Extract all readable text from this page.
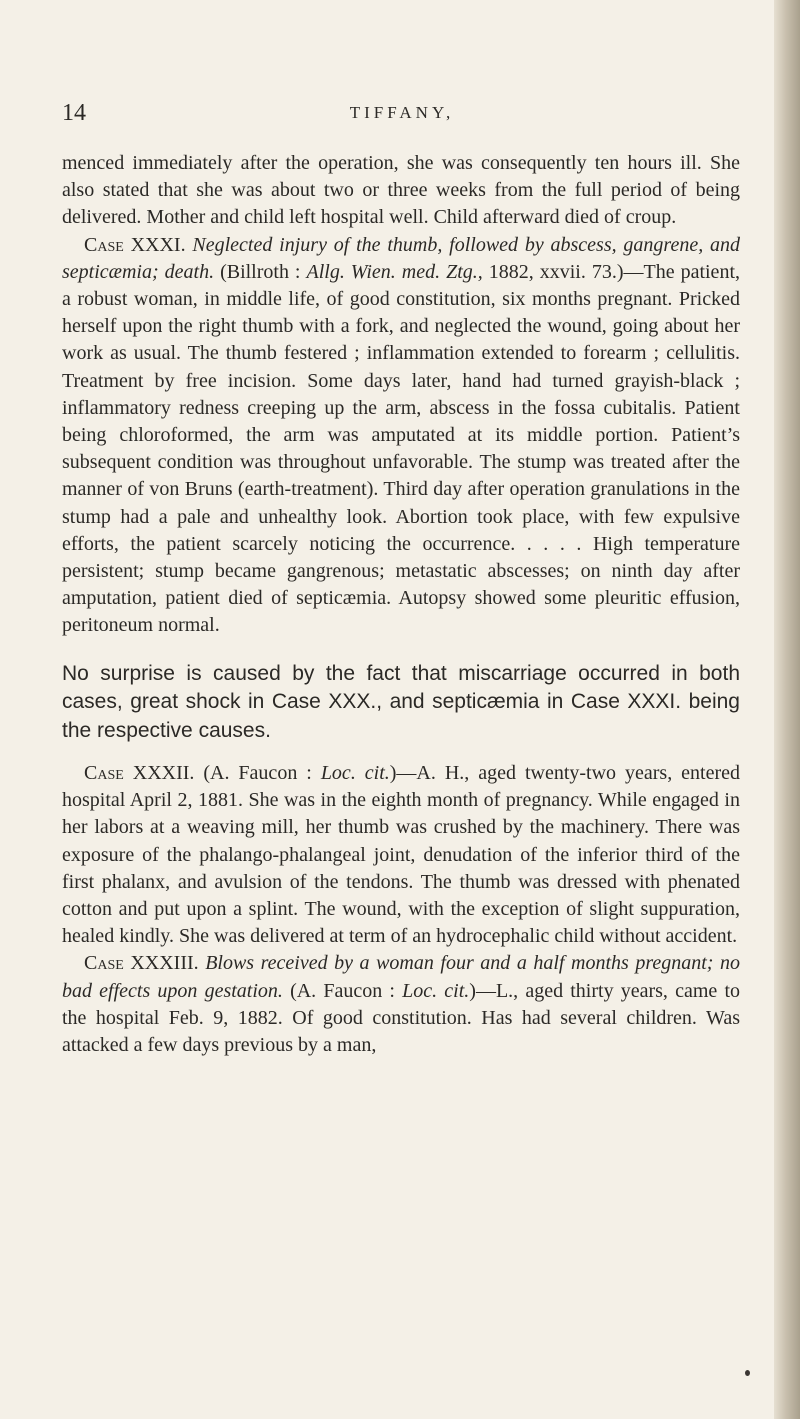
14	TIFFANY,

menced immediately after the operation, she was consequently ten hours ill. She also stated that she was about two or three weeks from the full period of being delivered. Mother and child left hospital well. Child afterward died of croup.

Case XXXI. Neglected injury of the thumb, followed by abscess, gangrene, and septicæmia; death. (Billroth : Allg. Wien. med. Ztg., 1882, xxvii. 73.)—The patient, a robust woman, in middle life, of good constitution, six months pregnant. Pricked herself upon the right thumb with a fork, and neglected the wound, going about her work as usual. The thumb festered ; inflammation extended to forearm ; cellulitis. Treatment by free incision. Some days later, hand had turned grayish-black ; inflammatory redness creeping up the arm, abscess in the fossa cubitalis. Patient being chloroformed, the arm was amputated at its middle portion. Patient’s subsequent condition was throughout unfavorable. The stump was treated after the manner of von Bruns (earth-treatment). Third day after operation granulations in the stump had a pale and unhealthy look. Abortion took place, with few expulsive efforts, the patient scarcely noticing the occurrence. . . . . High temperature persistent; stump became gangrenous; metastatic abscesses; on ninth day after amputation, patient died of septicæmia. Autopsy showed some pleuritic effusion, peritoneum normal.

No surprise is caused by the fact that miscarriage occurred in both cases, great shock in Case XXX., and septicæmia in Case XXXI. being the respective causes.

Case XXXII. (A. Faucon : Loc. cit.)—A. H., aged twenty-two years, entered hospital April 2, 1881. She was in the eighth month of pregnancy. While engaged in her labors at a weaving mill, her thumb was crushed by the machinery. There was exposure of the phalango-phalangeal joint, denudation of the inferior third of the first phalanx, and avulsion of the tendons. The thumb was dressed with phenated cotton and put upon a splint. The wound, with the exception of slight suppuration, healed kindly. She was delivered at term of an hydrocephalic child without accident.

Case XXXIII. Blows received by a woman four and a half months pregnant; no bad effects upon gestation. (A. Faucon : Loc. cit.)—L., aged thirty years, came to the hospital Feb. 9, 1882. Of good constitution. Has had several children. Was attacked a few days previous by a man,
